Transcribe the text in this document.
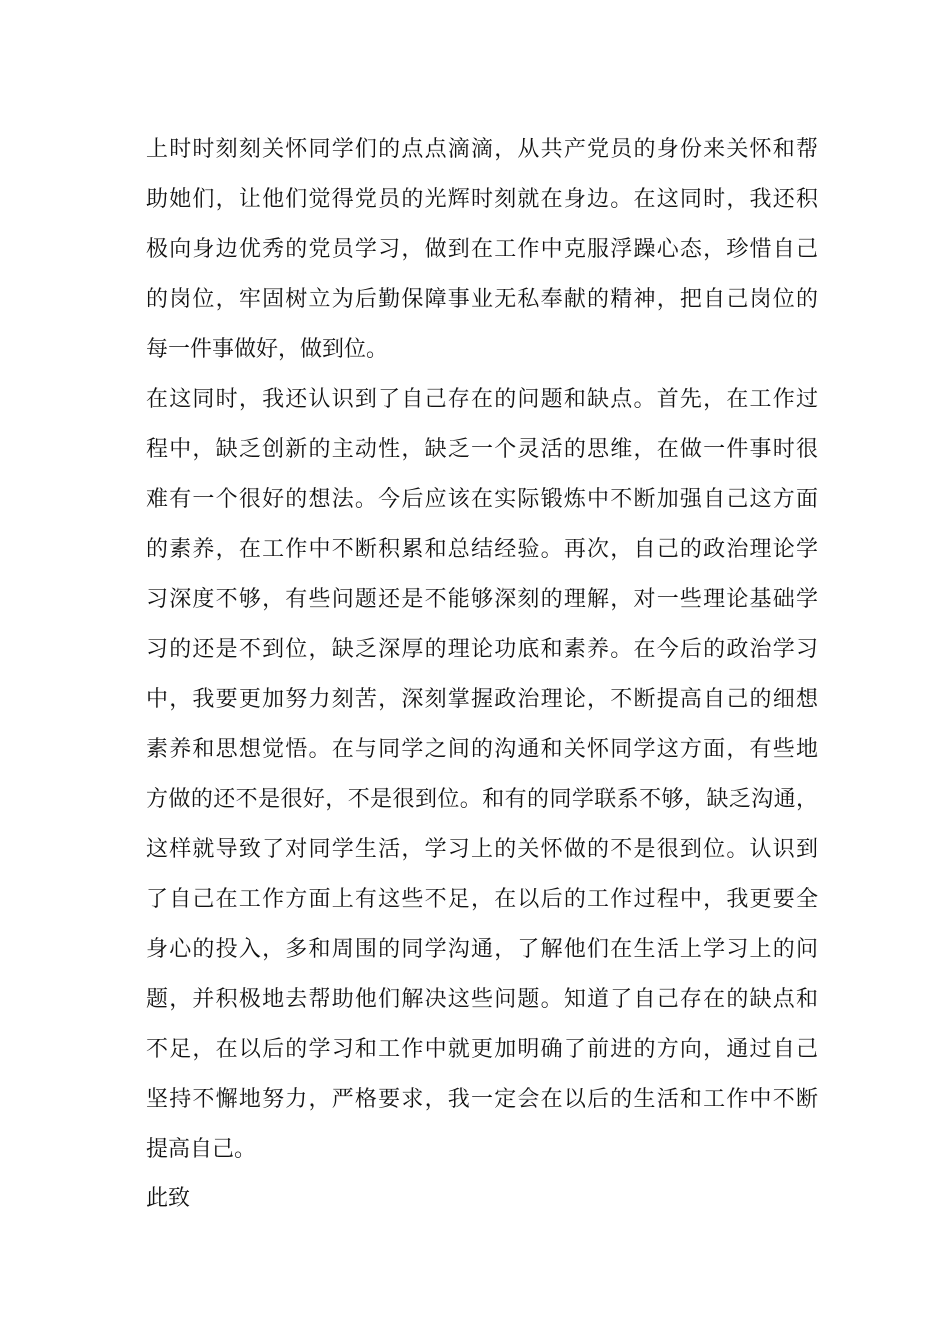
上时时刻刻关怀同学们的点点滴滴，从共产党员的身份来关怀和帮
助她们，让他们觉得党员的光辉时刻就在身边。在这同时，我还积
极向身边优秀的党员学习，做到在工作中克服浮躁心态，珍惜自己
的岗位，牢固树立为后勤保障事业无私奉献的精神，把自己岗位的
每一件事做好，做到位。
在这同时，我还认识到了自己存在的问题和缺点。首先，在工作过
程中，缺乏创新的主动性，缺乏一个灵活的思维，在做一件事时很
难有一个很好的想法。今后应该在实际锻炼中不断加强自己这方面
的素养，在工作中不断积累和总结经验。再次，自己的政治理论学
习深度不够，有些问题还是不能够深刻的理解，对一些理论基础学
习的还是不到位，缺乏深厚的理论功底和素养。在今后的政治学习
中，我要更加努力刻苦，深刻掌握政治理论，不断提高自己的细想
素养和思想觉悟。在与同学之间的沟通和关怀同学这方面，有些地
方做的还不是很好，不是很到位。和有的同学联系不够，缺乏沟通，
这样就导致了对同学生活，学习上的关怀做的不是很到位。认识到
了自己在工作方面上有这些不足，在以后的工作过程中，我更要全
身心的投入，多和周围的同学沟通，了解他们在生活上学习上的问
题，并积极地去帮助他们解决这些问题。知道了自己存在的缺点和
不足，在以后的学习和工作中就更加明确了前进的方向，通过自己
坚持不懈地努力，严格要求，我一定会在以后的生活和工作中不断
提高自己。
此致
